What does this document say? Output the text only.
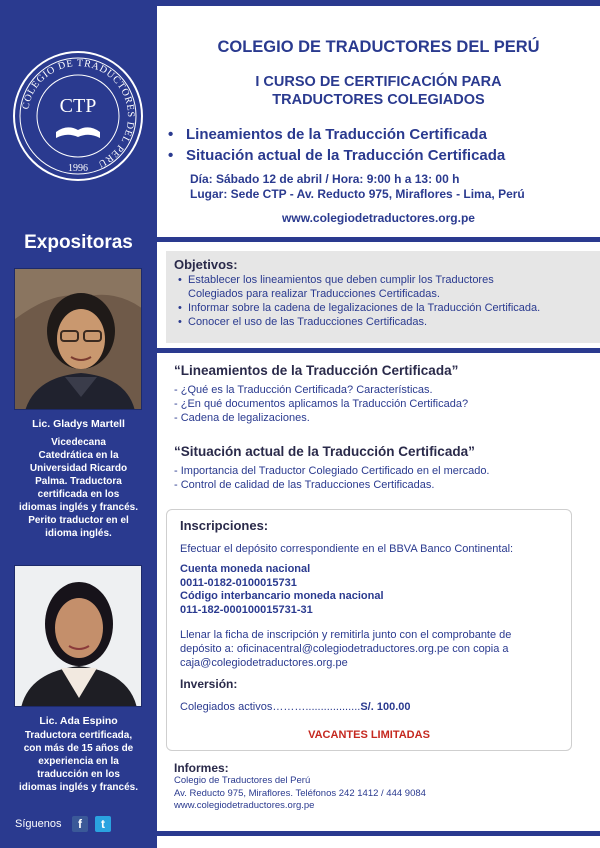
COLEGIO DE TRADUCTORES DEL PERÚ
CTP
1996
Expositoras
Lic. Gladys Martell
Vicedecana
Catedrática en la
Universidad Ricardo
Palma. Traductora
certificada en los
idiomas inglés y francés.
Perito traductor en el
idioma inglés.
Lic. Ada Espino
Traductora certificada,
con más de 15 años de
experiencia en la
traducción en los
idiomas inglés y francés.
Síguenos	f	t
COLEGIO DE TRADUCTORES DEL PERÚ
I CURSO DE CERTIFICACIÓN PARA
TRADUCTORES COLEGIADOS
• Lineamientos de la Traducción Certificada
• Situación actual de la Traducción Certificada
Día: Sábado 12 de abril / Hora: 9:00 h a 13: 00 h
Lugar: Sede CTP - Av. Reducto 975, Miraflores - Lima, Perú
www.colegiodetraductores.org.pe
Objetivos:
• Establecer los lineamientos que deben cumplir los Traductores
Colegiados para realizar Traducciones Certificadas.
• Informar sobre la cadena de legalizaciones de la Traducción Certificada.
• Conocer el uso de las Traducciones Certificadas.
“Lineamientos de la Traducción Certificada”
- ¿Qué es la Traducción Certificada? Características.
- ¿En qué documentos aplicamos la Traducción Certificada?
- Cadena de legalizaciones.
“Situación actual de la Traducción Certificada”
- Importancia del Traductor Colegiado Certificado en el mercado.
- Control de calidad de las Traducciones Certificadas.
Inscripciones:
Efectuar el depósito correspondiente en el BBVA Banco Continental:
Cuenta moneda nacional
0011-0182-0100015731
Código interbancario moneda nacional
011-182-000100015731-31
Llenar la ficha de inscripción y remitirla junto con el comprobante de
depósito a: oficinacentral@colegiodetraductores.org.pe con copia a
caja@colegiodetraductores.org.pe
Inversión:
Colegiados activos………..................S/. 100.00
VACANTES LIMITADAS
Informes:
Colegio de Traductores del Perú
Av. Reducto 975, Miraflores. Teléfonos 242 1412 / 444 9084
www.colegiodetraductores.org.pe
